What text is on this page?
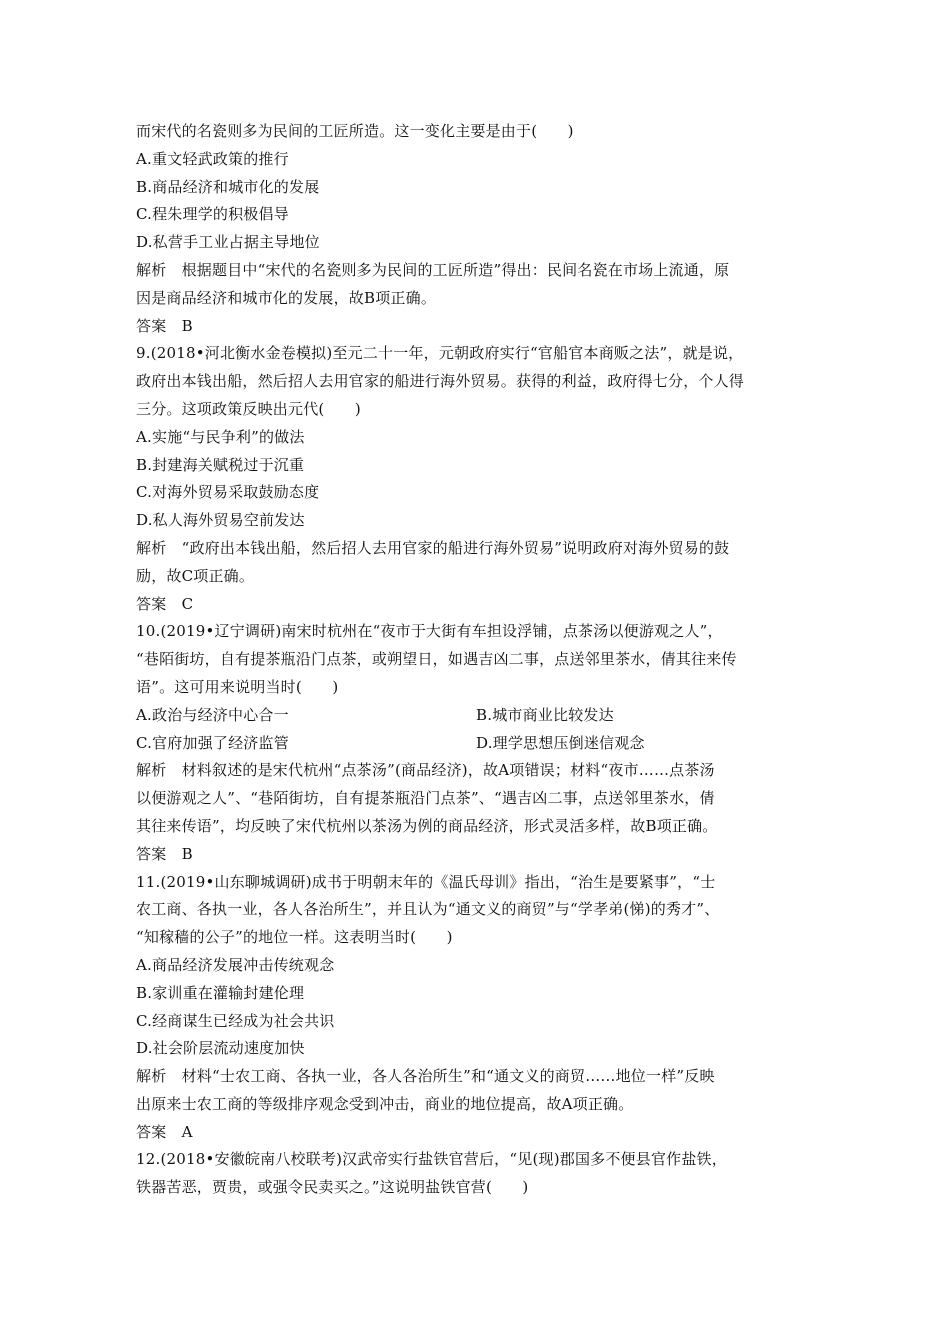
而宋代的名瓷则多为民间的工匠所造。这一变化主要是由于(　　)
A.重文轻武政策的推行
B.商品经济和城市化的发展
C.程朱理学的积极倡导
D.私营手工业占据主导地位
解析　根据题目中“宋代的名瓷则多为民间的工匠所造”得出：民间名瓷在市场上流通，原
因是商品经济和城市化的发展，故B项正确。
答案　B
9.(2018•河北衡水金卷模拟)至元二十一年，元朝政府实行“官船官本商贩之法”，就是说，
政府出本钱出船，然后招人去用官家的船进行海外贸易。获得的利益，政府得七分，个人得
三分。这项政策反映出元代(　　)
A.实施“与民争利”的做法
B.封建海关赋税过于沉重
C.对海外贸易采取鼓励态度
D.私人海外贸易空前发达
解析　“政府出本钱出船，然后招人去用官家的船进行海外贸易”说明政府对海外贸易的鼓
励，故C项正确。
答案　C
10.(2019•辽宁调研)南宋时杭州在“夜市于大街有车担设浮铺，点茶汤以便游观之人”，
“巷陌街坊，自有提茶瓶沿门点茶，或朔望日，如遇吉凶二事，点送邻里茶水，倩其往来传
语”。这可用来说明当时(　　)
A.政治与经济中心合一	B.城市商业比较发达
C.官府加强了经济监管	D.理学思想压倒迷信观念
解析　材料叙述的是宋代杭州“点茶汤”(商品经济)，故A项错误；材料“夜市……点茶汤
以便游观之人”、“巷陌街坊，自有提茶瓶沿门点茶”、“遇吉凶二事，点送邻里茶水，倩
其往来传语”，均反映了宋代杭州以茶汤为例的商品经济，形式灵活多样，故B项正确。
答案　B
11.(2019•山东聊城调研)成书于明朝末年的《温氏母训》指出，“治生是要紧事”，“士
农工商、各执一业，各人各治所生”，并且认为“通文义的商贸”与“学孝弟(悌)的秀才”、
“知稼穑的公子”的地位一样。这表明当时(　　)
A.商品经济发展冲击传统观念
B.家训重在灌输封建伦理
C.经商谋生已经成为社会共识
D.社会阶层流动速度加快
解析　材料“士农工商、各执一业，各人各治所生”和“通文义的商贸……地位一样”反映
出原来士农工商的等级排序观念受到冲击，商业的地位提高，故A项正确。
答案　A
12.(2018•安徽皖南八校联考)汉武帝实行盐铁官营后，“见(现)郡国多不便县官作盐铁，
铁器苦恶，贾贵，或强令民卖买之。”这说明盐铁官营(　　)
